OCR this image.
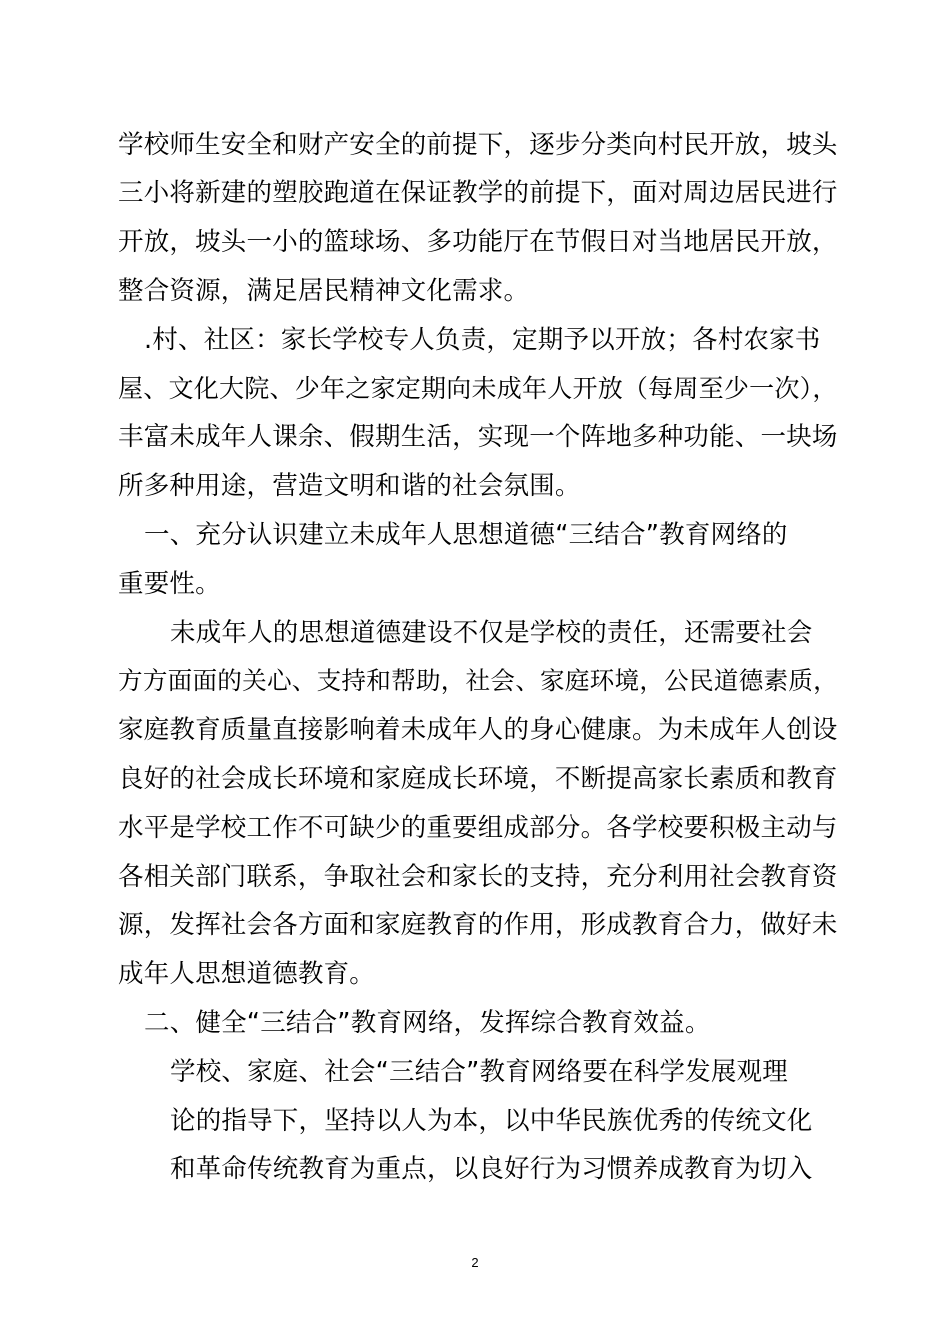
学校师生安全和财产安全的前提下，逐步分类向村民开放，坡头
三小将新建的塑胶跑道在保证教学的前提下，面对周边居民进行
开放，坡头一小的篮球场、多功能厅在节假日对当地居民开放，
整合资源，满足居民精神文化需求。
.村、社区：家长学校专人负责，定期予以开放；各村农家书
屋、文化大院、少年之家定期向未成年人开放（每周至少一次），
丰富未成年人课余、假期生活，实现一个阵地多种功能、一块场
所多种用途，营造文明和谐的社会氛围。
一、充分认识建立未成年人思想道德“三结合”教育网络的
重要性。
未成年人的思想道德建设不仅是学校的责任，还需要社会
方方面面的关心、支持和帮助，社会、家庭环境，公民道德素质，
家庭教育质量直接影响着未成年人的身心健康。为未成年人创设
良好的社会成长环境和家庭成长环境，不断提高家长素质和教育
水平是学校工作不可缺少的重要组成部分。各学校要积极主动与
各相关部门联系，争取社会和家长的支持，充分利用社会教育资
源，发挥社会各方面和家庭教育的作用，形成教育合力，做好未
成年人思想道德教育。
二、健全“三结合”教育网络，发挥综合教育效益。
学校、家庭、社会“三结合”教育网络要在科学发展观理
论的指导下，坚持以人为本，以中华民族优秀的传统文化
和革命传统教育为重点，以良好行为习惯养成教育为切入
2
